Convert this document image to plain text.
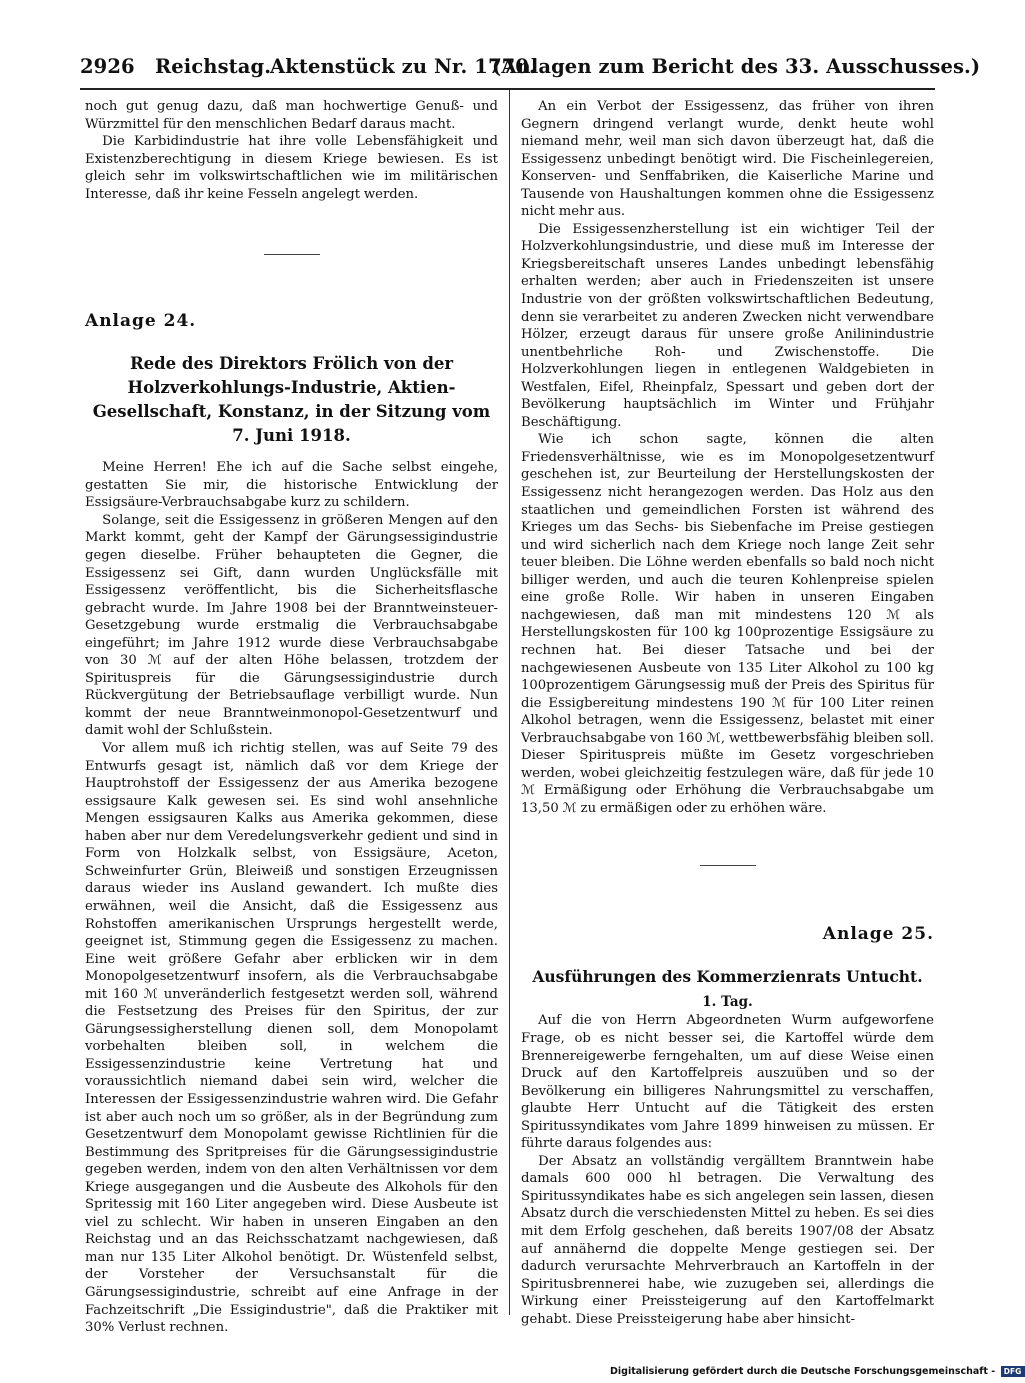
2926 Reichstag.
Aktenstück zu Nr. 1770.
(Anlagen zum Bericht des 33. Ausschusses.)

noch gut genug dazu, daß man hochwertige Genuß- und Würzmittel für den menschlichen Bedarf daraus macht.

Die Karbidindustrie hat ihre volle Lebensfähigkeit und Existenzberechtigung in diesem Kriege bewiesen. Es ist gleich sehr im volkswirtschaftlichen wie im militärischen Interesse, daß ihr keine Fesseln angelegt werden.

Anlage 24.
Rede des Direktors Frölich von der Holzverkohlungs-Industrie, Aktien-Gesellschaft, Konstanz, in der Sitzung vom 7. Juni 1918.

Meine Herren! Ehe ich auf die Sache selbst eingehe, gestatten Sie mir, die historische Entwicklung der Essigsäure-Verbrauchsabgabe kurz zu schildern.

Solange, seit die Essigessenz in größeren Mengen auf den Markt kommt, geht der Kampf der Gärungsessigindustrie gegen dieselbe. Früher behaupteten die Gegner, die Essigessenz sei Gift, dann wurden Unglücksfälle mit Essigessenz veröffentlicht, bis die Sicherheitsflasche gebracht wurde. Im Jahre 1908 bei der Branntweinsteuer-Gesetzgebung wurde erstmalig die Verbrauchsabgabe eingeführt; im Jahre 1912 wurde diese Verbrauchsabgabe von 30 ℳ auf der alten Höhe belassen, trotzdem der Spirituspreis für die Gärungsessigindustrie durch Rückvergütung der Betriebsauflage verbilligt wurde. Nun kommt der neue Branntweinmonopol-Gesetzentwurf und damit wohl der Schlußstein.

Vor allem muß ich richtig stellen, was auf Seite 79 des Entwurfs gesagt ist, nämlich daß vor dem Kriege der Hauptrohstoff der Essigessenz der aus Amerika bezogene essigsaure Kalk gewesen sei. Es sind wohl ansehnliche Mengen essigsauren Kalks aus Amerika gekommen, diese haben aber nur dem Veredelungsverkehr gedient und sind in Form von Holzkalk selbst, von Essigsäure, Aceton, Schweinfurter Grün, Bleiweiß und sonstigen Erzeugnissen daraus wieder ins Ausland gewandert. Ich mußte dies erwähnen, weil die Ansicht, daß die Essigessenz aus Rohstoffen amerikanischen Ursprungs hergestellt werde, geeignet ist, Stimmung gegen die Essigessenz zu machen. Eine weit größere Gefahr aber erblicken wir in dem Monopolgesetzentwurf insofern, als die Verbrauchsabgabe mit 160 ℳ unveränderlich festgesetzt werden soll, während die Festsetzung des Preises für den Spiritus, der zur Gärungsessigherstellung dienen soll, dem Monopolamt vorbehalten bleiben soll, in welchem die Essigessenzindustrie keine Vertretung hat und voraussichtlich niemand dabei sein wird, welcher die Interessen der Essigessenzindustrie wahren wird. Die Gefahr ist aber auch noch um so größer, als in der Begründung zum Gesetzentwurf dem Monopolamt gewisse Richtlinien für die Bestimmung des Spritpreises für die Gärungsessigindustrie gegeben werden, indem von den alten Verhältnissen vor dem Kriege ausgegangen und die Ausbeute des Alkohols für den Spritessig mit 160 Liter angegeben wird. Diese Ausbeute ist viel zu schlecht. Wir haben in unseren Eingaben an den Reichstag und an das Reichsschatzamt nachgewiesen, daß man nur 135 Liter Alkohol benötigt. Dr. Wüstenfeld selbst, der Vorsteher der Versuchsanstalt für die Gärungsessigindustrie, schreibt auf eine Anfrage in der Fachzeitschrift „Die Essigindustrie", daß die Praktiker mit 30% Verlust rechnen.

An ein Verbot der Essigessenz, das früher von ihren Gegnern dringend verlangt wurde, denkt heute wohl niemand mehr, weil man sich davon überzeugt hat, daß die Essigessenz unbedingt benötigt wird. Die Fischeinlegereien, Konserven- und Senffabriken, die Kaiserliche Marine und Tausende von Haushaltungen kommen ohne die Essigessenz nicht mehr aus.

Die Essigessenzherstellung ist ein wichtiger Teil der Holzverkohlungsindustrie, und diese muß im Interesse der Kriegsbereitschaft unseres Landes unbedingt lebensfähig erhalten werden; aber auch in Friedenszeiten ist unsere Industrie von der größten volkswirtschaftlichen Bedeutung, denn sie verarbeitet zu anderen Zwecken nicht verwendbare Hölzer, erzeugt daraus für unsere große Anilinindustrie unentbehrliche Roh- und Zwischenstoffe. Die Holzverkohlungen liegen in entlegenen Waldgebieten in Westfalen, Eifel, Rheinpfalz, Spessart und geben dort der Bevölkerung hauptsächlich im Winter und Frühjahr Beschäftigung.

Wie ich schon sagte, können die alten Friedensverhältnisse, wie es im Monopolgesetzentwurf geschehen ist, zur Beurteilung der Herstellungskosten der Essigessenz nicht herangezogen werden. Das Holz aus den staatlichen und gemeindlichen Forsten ist während des Krieges um das Sechs- bis Siebenfache im Preise gestiegen und wird sicherlich nach dem Kriege noch lange Zeit sehr teuer bleiben. Die Löhne werden ebenfalls so bald noch nicht billiger werden, und auch die teuren Kohlenpreise spielen eine große Rolle. Wir haben in unseren Eingaben nachgewiesen, daß man mit mindestens 120 ℳ als Herstellungskosten für 100 kg 100prozentige Essigsäure zu rechnen hat. Bei dieser Tatsache und bei der nachgewiesenen Ausbeute von 135 Liter Alkohol zu 100 kg 100prozentigem Gärungsessig muß der Preis des Spiritus für die Essigbereitung mindestens 190 ℳ für 100 Liter reinen Alkohol betragen, wenn die Essigessenz, belastet mit einer Verbrauchsabgabe von 160 ℳ, wettbewerbsfähig bleiben soll. Dieser Spirituspreis müßte im Gesetz vorgeschrieben werden, wobei gleichzeitig festzulegen wäre, daß für jede 10 ℳ Ermäßigung oder Erhöhung die Verbrauchsabgabe um 13,50 ℳ zu ermäßigen oder zu erhöhen wäre.

Anlage 25.
Ausführungen des Kommerzienrats Untucht.
1. Tag.

Auf die von Herrn Abgeordneten Wurm aufgeworfene Frage, ob es nicht besser sei, die Kartoffel würde dem Brennereigewerbe ferngehalten, um auf diese Weise einen Druck auf den Kartoffelpreis auszuüben und so der Bevölkerung ein billigeres Nahrungsmittel zu verschaffen, glaubte Herr Untucht auf die Tätigkeit des ersten Spiritussyndikates vom Jahre 1899 hinweisen zu müssen. Er führte daraus folgendes aus:

Der Absatz an vollständig vergälltem Branntwein habe damals 600 000 hl betragen. Die Verwaltung des Spiritussyndikates habe es sich angelegen sein lassen, diesen Absatz durch die verschiedensten Mittel zu heben. Es sei dies mit dem Erfolg geschehen, daß bereits 1907/08 der Absatz auf annähernd die doppelte Menge gestiegen sei. Der dadurch verursachte Mehrverbrauch an Kartoffeln in der Spiritusbrennerei habe, wie zuzugeben sei, allerdings die Wirkung einer Preissteigerung auf den Kartoffelmarkt gehabt. Diese Preissteigerung habe aber hinsicht-

Digitalisierung gefördert durch die Deutsche Forschungsgemeinschaft - DFG
